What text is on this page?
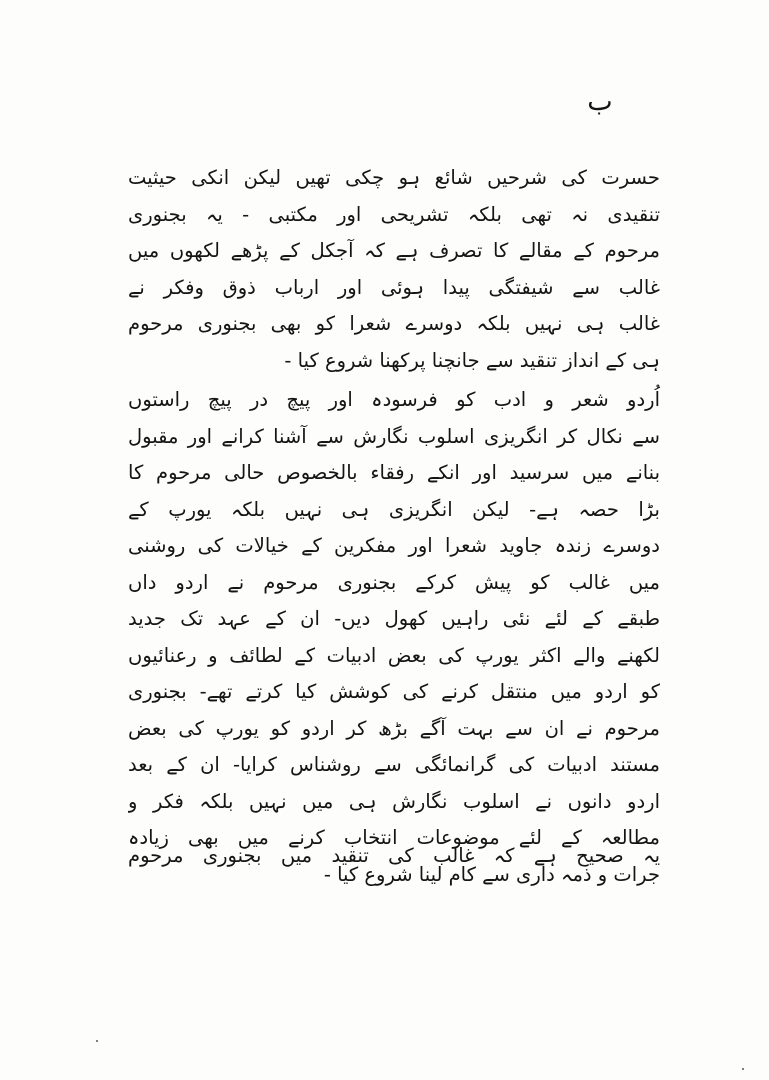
ب
حسرت کی شرحیں شائع ہو چکی تھیں لیکن انکی حیثیت
تنقیدی نہ تھی بلکہ تشریحی اور مکتبی - یہ بجنوری
مرحوم کے مقالے کا تصرف ہے کہ آجکل کے پڑھے لکھوں میں
غالب سے شیفتگی پیدا ہوئی اور ارباب ذوق وفکر نے
غالب ہی نہیں بلکہ دوسرے شعرا کو بھی بجنوری مرحوم
ہی کے انداز تنقید سے جانچنا پرکھنا شروع کیا -
اُردو شعر و ادب کو فرسودہ اور پیچ در پیچ راستوں
سے نکال کر انگریزی اسلوب نگارش سے آشنا کرانے اور مقبول
بنانے میں سرسید اور انکے رفقاء بالخصوص حالی مرحوم کا
بڑا حصہ ہے- لیکن انگریزی ہی نہیں بلکہ یورپ کے
دوسرے زندہ جاوید شعرا اور مفکرین کے خیالات کی روشنی
میں غالب کو پیش کرکے بجنوری مرحوم نے اردو داں
طبقے کے لئے نئی راہیں کھول دیں- ان کے عہد تک جدید
لکھنے والے اکثر یورپ کی بعض ادبیات کے لطائف و رعنائیوں
کو اردو میں منتقل کرنے کی کوشش کیا کرتے تھے- بجنوری
مرحوم نے ان سے بہت آگے بڑھ کر اردو کو یورپ کی بعض
مستند ادبیات کی گرانمائگی سے روشناس کرایا- ان کے بعد
اردو دانوں نے اسلوب نگارش ہی میں نہیں بلکہ فکر و
مطالعہ کے لئے موضوعات انتخاب کرنے میں بھی زیادہ
جرات و ذمہ داری سے کام لینا شروع کیا -
یہ صحیح ہے کہ غالب کی تنقید میں بجنوری مرحوم
